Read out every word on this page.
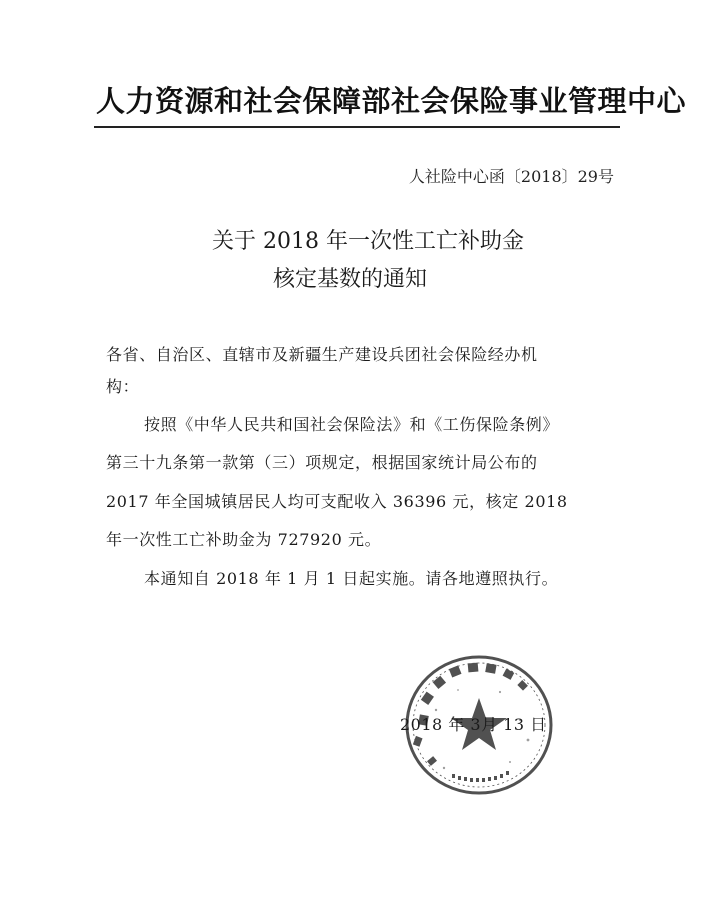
人力资源和社会保障部社会保险事业管理中心
人社险中心函〔2018〕29号
关于 2018 年一次性工亡补助金
核定基数的通知
各省、自治区、直辖市及新疆生产建设兵团社会保险经办机
构：
按照《中华人民共和国社会保险法》和《工伤保险条例》
第三十九条第一款第（三）项规定，根据国家统计局公布的
2017 年全国城镇居民人均可支配收入 36396 元，核定 2018
年一次性工亡补助金为 727920 元。
本通知自 2018 年 1 月 1 日起实施。请各地遵照执行。
2018 年 3月 13 日
